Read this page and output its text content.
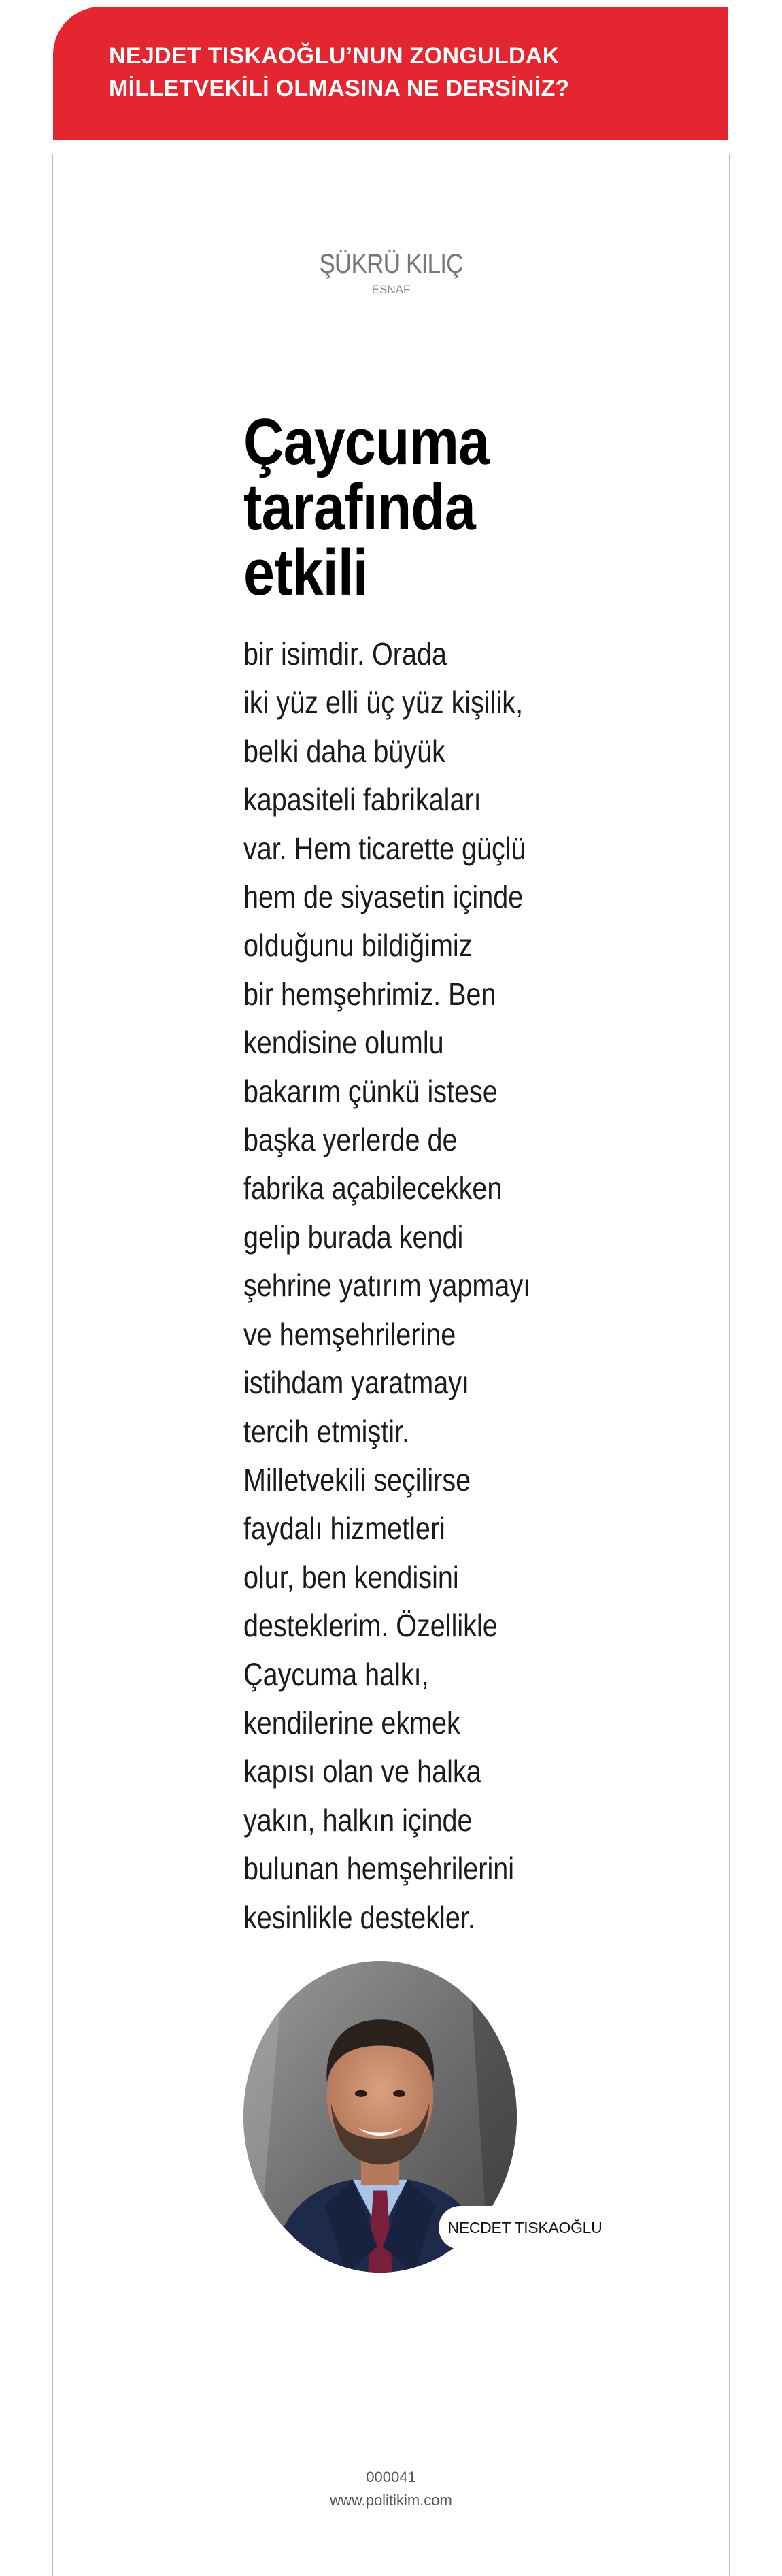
NEJDET TISKAOĞLU’NUN ZONGULDAK
MİLLETVEKİLİ OLMASINA NE DERSİNİZ?

ŞÜKRÜ KILIÇ
ESNAF
Çaycuma
tarafında
etkili

bir isimdir. Orada
iki yüz elli üç yüz kişilik,
belki daha büyük
kapasiteli fabrikaları
var. Hem ticarette güçlü
hem de siyasetin içinde
olduğunu bildiğimiz
bir hemşehrimiz. Ben
kendisine olumlu
bakarım çünkü istese
başka yerlerde de
fabrika açabilecekken
gelip burada kendi
şehrine yatırım yapmayı
ve hemşehrilerine
istihdam yaratmayı
tercih etmiştir.
Milletvekili seçilirse
faydalı hizmetleri
olur, ben kendisini
desteklerim. Özellikle
Çaycuma halkı,
kendilerine ekmek
kapısı olan ve halka
yakın, halkın içinde
bulunan hemşehrilerini
kesinlikle destekler.

NECDET TISKAOĞLU
000041
www.politikim.com
